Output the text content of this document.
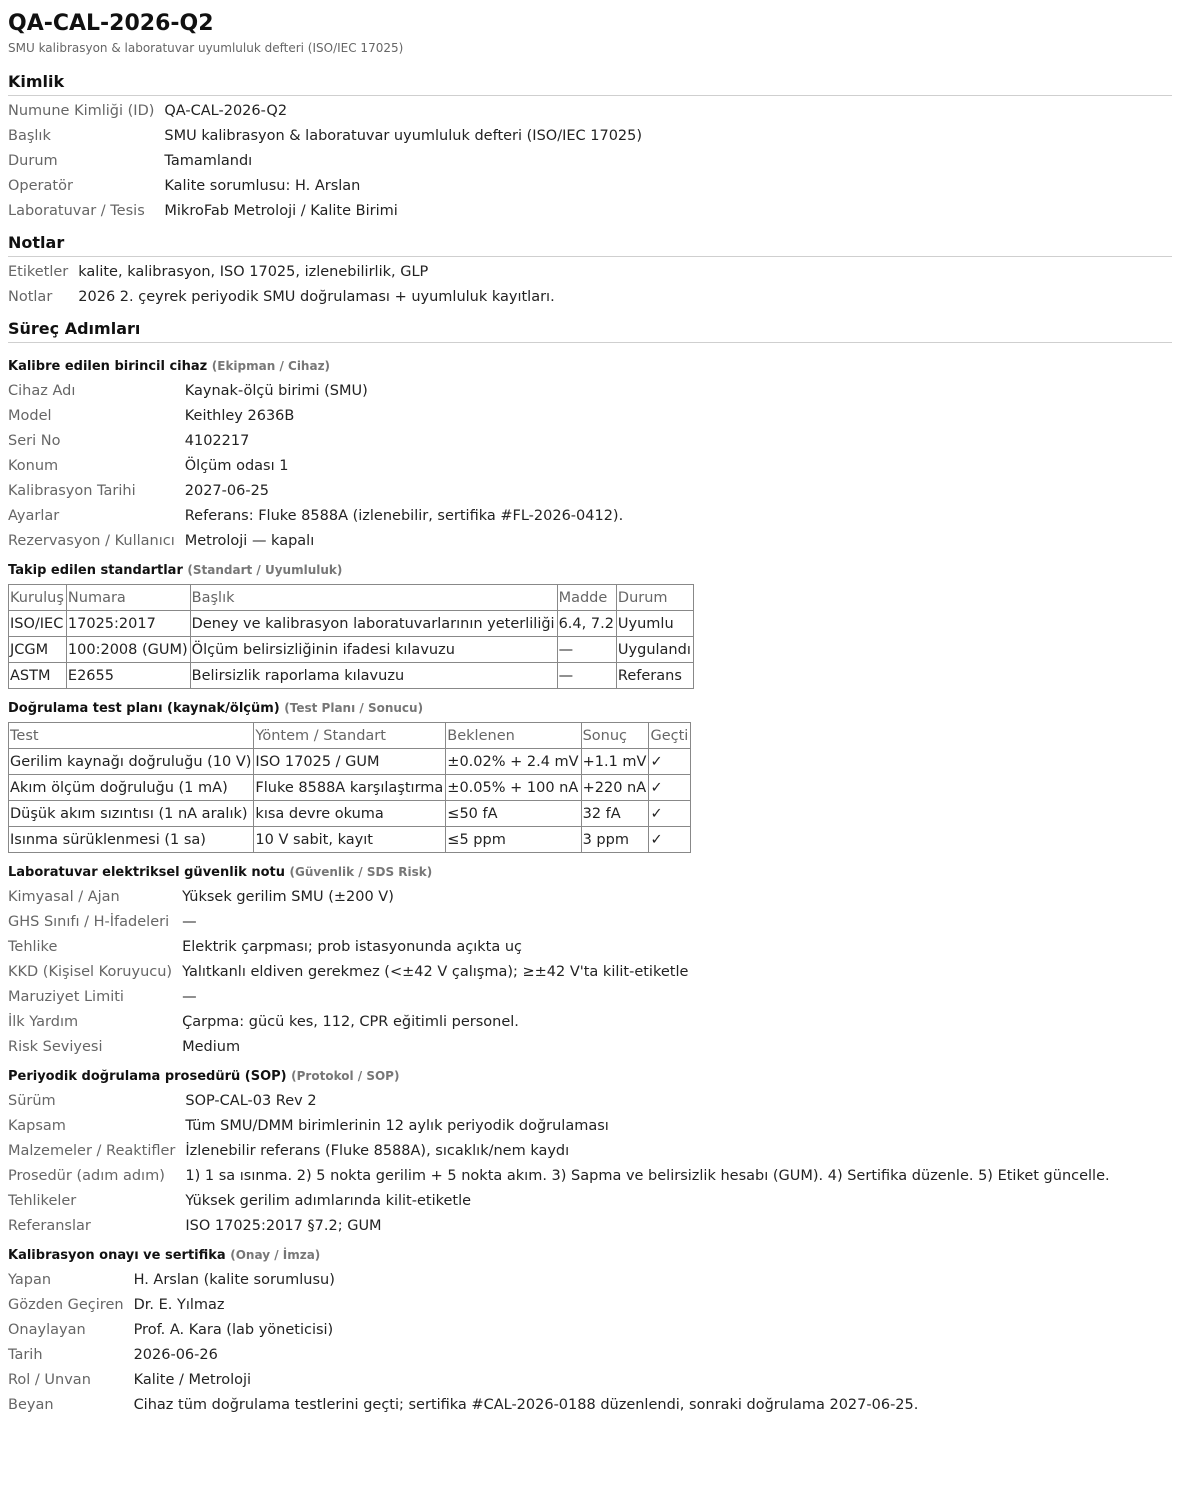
QA-CAL-2026-Q2
SMU kalibrasyon & laboratuvar uyumluluk defteri (ISO/IEC 17025)
Kimlik
Numune Kimliği (ID)	QA-CAL-2026-Q2
Başlık	SMU kalibrasyon & laboratuvar uyumluluk defteri (ISO/IEC 17025)
Durum	Tamamlandı
Operatör	Kalite sorumlusu: H. Arslan
Laboratuvar / Tesis	MikroFab Metroloji / Kalite Birimi
Notlar
Etiketler	kalite, kalibrasyon, ISO 17025, izlenebilirlik, GLP
Notlar	2026 2. çeyrek periyodik SMU doğrulaması + uyumluluk kayıtları.
Süreç Adımları
Kalibre edilen birincil cihaz (Ekipman / Cihaz)
Cihaz Adı	Kaynak-ölçü birimi (SMU)
Model	Keithley 2636B
Seri No	4102217
Konum	Ölçüm odası 1
Kalibrasyon Tarihi	2027-06-25
Ayarlar	Referans: Fluke 8588A (izlenebilir, sertifika #FL-2026-0412).
Rezervasyon / Kullanıcı	Metroloji — kapalı
Takip edilen standartlar (Standart / Uyumluluk)
Kuruluş	Numara	Başlık	Madde	Durum
ISO/IEC	17025:2017	Deney ve kalibrasyon laboratuvarlarının yeterliliği	6.4, 7.2	Uyumlu
JCGM	100:2008 (GUM)	Ölçüm belirsizliğinin ifadesi kılavuzu	—	Uygulandı
ASTM	E2655	Belirsizlik raporlama kılavuzu	—	Referans
Doğrulama test planı (kaynak/ölçüm) (Test Planı / Sonucu)
Test	Yöntem / Standart	Beklenen	Sonuç	Geçti
Gerilim kaynağı doğruluğu (10 V)	ISO 17025 / GUM	±0.02% + 2.4 mV	+1.1 mV	✓
Akım ölçüm doğruluğu (1 mA)	Fluke 8588A karşılaştırma	±0.05% + 100 nA	+220 nA	✓
Düşük akım sızıntısı (1 nA aralık)	kısa devre okuma	≤50 fA	32 fA	✓
Isınma sürüklenmesi (1 sa)	10 V sabit, kayıt	≤5 ppm	3 ppm	✓
Laboratuvar elektriksel güvenlik notu (Güvenlik / SDS Risk)
Kimyasal / Ajan	Yüksek gerilim SMU (±200 V)
GHS Sınıfı / H-İfadeleri	—
Tehlike	Elektrik çarpması; prob istasyonunda açıkta uç
KKD (Kişisel Koruyucu)	Yalıtkanlı eldiven gerekmez (<±42 V çalışma); ≥±42 V'ta kilit-etiketle
Maruziyet Limiti	—
İlk Yardım	Çarpma: gücü kes, 112, CPR eğitimli personel.
Risk Seviyesi	Medium
Periyodik doğrulama prosedürü (SOP) (Protokol / SOP)
Sürüm	SOP-CAL-03 Rev 2
Kapsam	Tüm SMU/DMM birimlerinin 12 aylık periyodik doğrulaması
Malzemeler / Reaktifler	İzlenebilir referans (Fluke 8588A), sıcaklık/nem kaydı
Prosedür (adım adım)	1) 1 sa ısınma. 2) 5 nokta gerilim + 5 nokta akım. 3) Sapma ve belirsizlik hesabı (GUM). 4) Sertifika düzenle. 5) Etiket güncelle.
Tehlikeler	Yüksek gerilim adımlarında kilit-etiketle
Referanslar	ISO 17025:2017 §7.2; GUM
Kalibrasyon onayı ve sertifika (Onay / İmza)
Yapan	H. Arslan (kalite sorumlusu)
Gözden Geçiren	Dr. E. Yılmaz
Onaylayan	Prof. A. Kara (lab yöneticisi)
Tarih	2026-06-26
Rol / Unvan	Kalite / Metroloji
Beyan	Cihaz tüm doğrulama testlerini geçti; sertifika #CAL-2026-0188 düzenlendi, sonraki doğrulama 2027-06-25.
